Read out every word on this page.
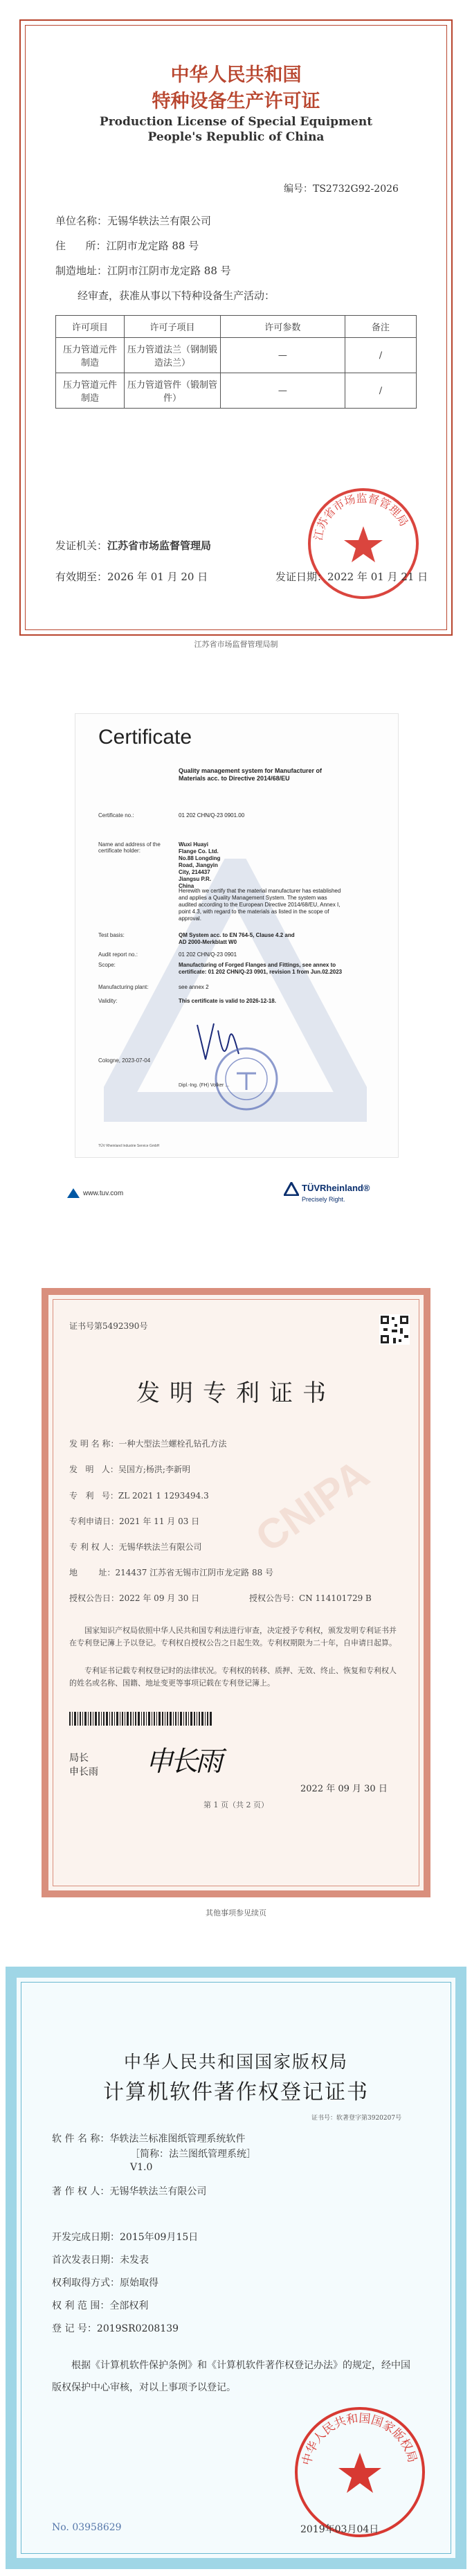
中华人民共和国
特种设备生产许可证
Production License of Special Equipment
People's Republic of China
编号：TS2732G92-2026
单位名称：无锡华轶法兰有限公司
住      所：江阴市龙定路 88 号
制造地址：江阴市江阴市龙定路 88 号
经审查，获准从事以下特种设备生产活动：
许可项目	许可子项目	许可参数	备注
压力管道元件制造	压力管道法兰（钢制锻造法兰）	—	/
压力管道元件制造	压力管道管件（锻制管件）	—	/
江苏省市场监督管理局
发证机关：江苏省市场监督管理局
有效期至：2026 年 01 月 20 日	发证日期：2022 年 01 月 21 日
江苏省市场监督管理局制
Certificate
Quality management system for Manufacturer of Materials acc. to Directive 2014/68/EU
Certificate no.:	01 202 CHN/Q-23 0901.00
Name and address of the certificate holder:
Wuxi Huayi Flange Co. Ltd. No.88 Longding Road, Jiangyin City, 214437 Jiangsu P.R. China
Herewith we certify that the material manufacturer has established and applies a Quality Management System. The system was audited according to the European Directive 2014/68/EU, Annex I, point 4.3, with regard to the materials as listed in the scope of approval.
Test basis:	QM System acc. to EN 764-5, Clause 4.2 and AD 2000-Merkblatt W0
Audit report no.:	01 202 CHN/Q-23 0901
Scope:	Manufacturing of Forged Flanges and Fittings, see annex to certificate: 01 202 CHN/Q-23 0901, revision 1 from Jun.02.2023
Manufacturing plant:	see annex 2
Validity:	This certificate is valid to 2026-12-18.
Cologne, 2023-07-04
Dipl.-Ing. (FH) Volker ...
TÜV Rheinland Industrie Service GmbH
www.tuv.com
TÜVRheinland®
Precisely Right.
CNIPA
证书号第5492390号
发明专利证书
发 明 名 称：一种大型法兰螺栓孔钻孔方法
发   明   人：吴国方;杨洪;李新明
专   利   号：ZL 2021 1 1293494.3
专利申请日：2021 年 11 月 03 日
专 利 权 人：无锡华轶法兰有限公司
地        址：214437 江苏省无锡市江阴市龙定路 88 号
授权公告日：2022 年 09 月 30 日	授权公告号：CN 114101729 B
国家知识产权局依照中华人民共和国专利法进行审查，决定授予专利权，颁发发明专利证书并在专利登记簿上予以登记。专利权自授权公告之日起生效。专利权期限为二十年，自申请日起算。
专利证书记载专利权登记时的法律状况。专利权的转移、质押、无效、终止、恢复和专利权人的姓名或名称、国籍、地址变更等事项记载在专利登记簿上。
局长
申长雨 申长雨
2022 年 09 月 30 日
第 1 页（共 2 页）
其他事项参见续页
中华人民共和国国家版权局
计算机软件著作权登记证书
证书号：软著登字第3920207号
软 件 名 称：华轶法兰标准图纸管理系统软件
［简称：法兰图纸管理系统］
V1.0
著 作 权 人：无锡华轶法兰有限公司
开发完成日期：2015年09月15日
首次发表日期：未发表
权利取得方式：原始取得
权 利 范 围：全部权利
登 记 号：2019SR0208139
根据《计算机软件保护条例》和《计算机软件著作权登记办法》的规定，经中国版权保护中心审核，对以上事项予以登记。
中华人民共和国国家版权局
No. 03958629	2019年03月04日
